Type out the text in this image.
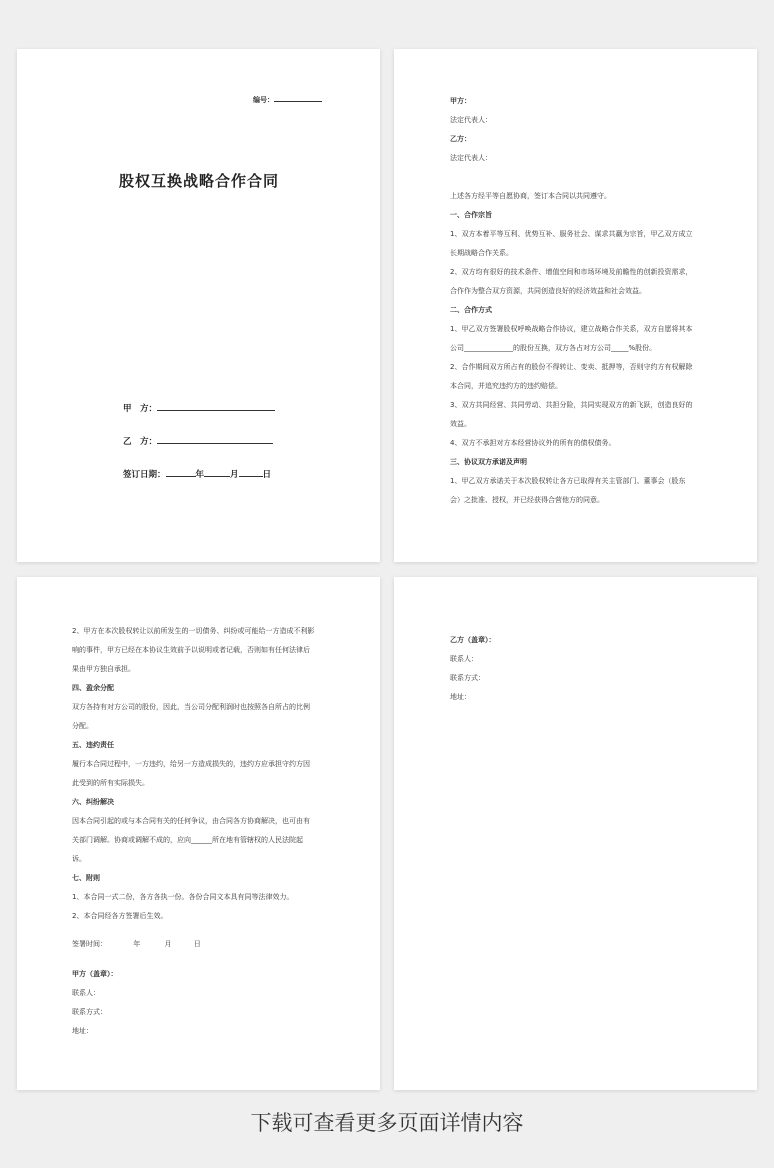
编号：
股权互换战略合作合同
甲　方：
乙　方：
签订日期：	年	月	日
甲方：
法定代表人：
乙方：
法定代表人：
上述各方经平等自愿协商，签订本合同以共同遵守。
一、合作宗旨
1、双方本着平等互利、优势互补、服务社会、谋求共赢为宗旨，甲乙双方成立
长期战略合作关系。
2、双方均有很好的技术条件、增值空间和市场环境及前瞻性的创新投资需求，
合作作为整合双方资源，共同创造良好的经济效益和社会效益。
二、合作方式
1、甲乙双方签署股权呼唤战略合作协议，建立战略合作关系，双方自愿将其本
公司______________的股份互换，双方各占对方公司_____%股份。
2、合作期间双方所占有的股份不得转让、变卖、抵押等，否则守约方有权解除
本合同，并追究违约方的违约赔偿。
3、双方共同经营、共同劳动、共担分险，共同实现双方的新飞跃，创造良好的
效益。
4、双方不承担对方本经营协议外的所有的债权债务。
三、协议双方承诺及声明
1、甲乙双方承诺关于本次股权转让各方已取得有关主管部门、董事会（股东
会）之批准、授权，并已经获得合营他方的同意。
2、甲方在本次股权转让以前所发生的一切债务、纠纷或可能给一方造成不利影
响的事件，甲方已经在本协议生效前予以说明或者记载，否则如有任何法律后
果由甲方独自承担。
四、盈余分配
双方各持有对方公司的股份，因此，当公司分配利润时也按照各自所占的比例
分配。
五、违约责任
履行本合同过程中，一方违约，给另一方造成损失的，违约方应承担守约方因
此受到的所有实际损失。
六、纠纷解决
因本合同引起的或与本合同有关的任何争议，由合同各方协商解决，也可由有
关部门调解。协商或调解不成的，应向______所在地有管辖权的人民法院起
诉。
七、附则
1、本合同一式二份，各方各执一份。各份合同文本具有同等法律效力。
2、本合同经各方签署后生效。
签署时间：	年	月	日
甲方（盖章）：
联系人：
联系方式：
地址：
乙方（盖章）：
联系人：
联系方式：
地址：
下载可查看更多页面详情内容
